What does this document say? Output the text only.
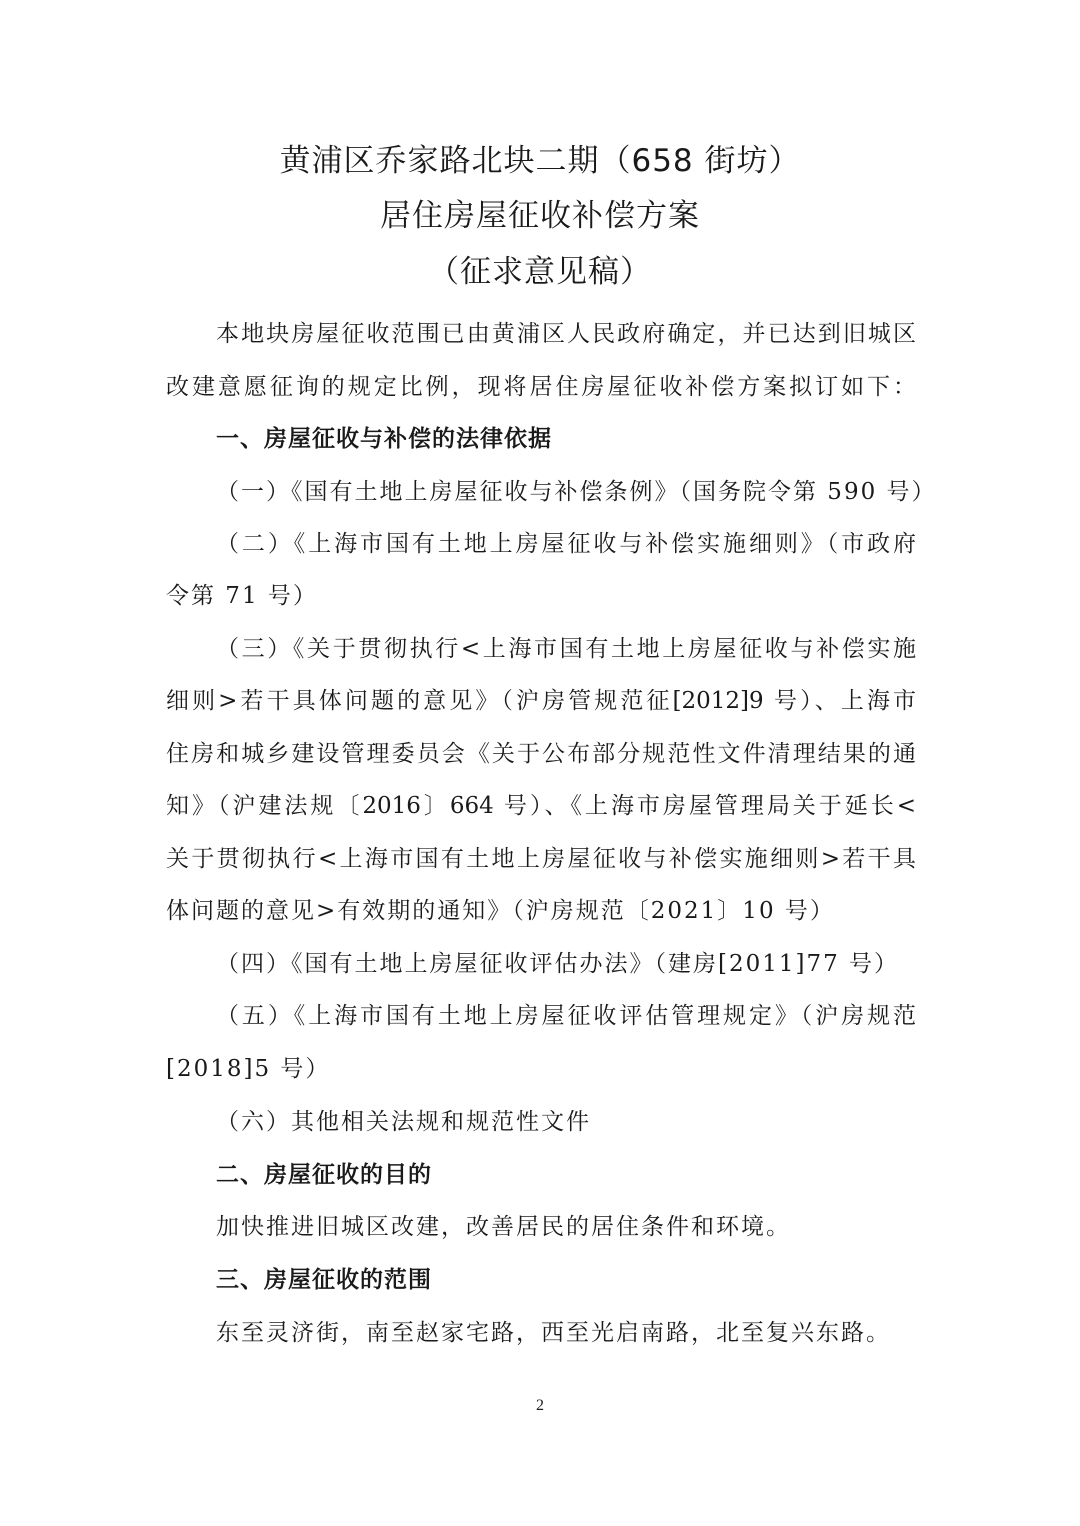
黄浦区乔家路北块二期（658 街坊）
居住房屋征收补偿方案
（征求意见稿）
本地块房屋征收范围已由黄浦区人民政府确定，并已达到旧城区
改建意愿征询的规定比例，现将居住房屋征收补偿方案拟订如下：
一、房屋征收与补偿的法律依据
（一）《国有土地上房屋征收与补偿条例》（国务院令第 590 号）
（二）《上海市国有土地上房屋征收与补偿实施细则》（市政府
令第 71 号）
（三）《关于贯彻执行<上海市国有土地上房屋征收与补偿实施
细则>若干具体问题的意见》（沪房管规范征[2012]9 号）、上海市
住房和城乡建设管理委员会《关于公布部分规范性文件清理结果的通
知》（沪建法规〔2016〕664 号）、《上海市房屋管理局关于延长<
关于贯彻执行<上海市国有土地上房屋征收与补偿实施细则>若干具
体问题的意见>有效期的通知》（沪房规范〔2021〕10 号）
（四）《国有土地上房屋征收评估办法》（建房[2011]77 号）
（五）《上海市国有土地上房屋征收评估管理规定》（沪房规范
[2018]5 号）
（六）其他相关法规和规范性文件
二、房屋征收的目的
加快推进旧城区改建，改善居民的居住条件和环境。
三、房屋征收的范围
东至灵济街，南至赵家宅路，西至光启南路，北至复兴东路。
2
